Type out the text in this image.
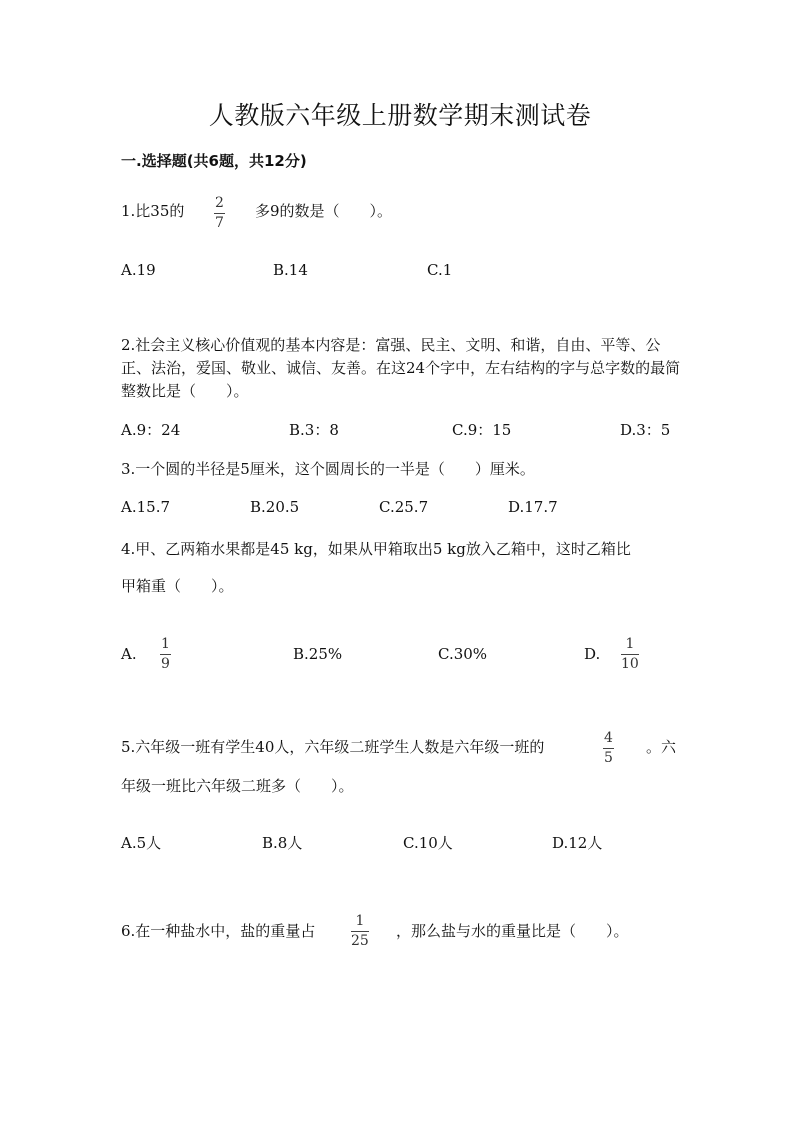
人教版六年级上册数学期末测试卷
一.选择题(共6题，共12分)
1.比35的 $\frac{2}{7}$ 多9的数是（　　）。
A.19	B.14	C.1
2.社会主义核心价值观的基本内容是：富强、民主、文明、和谐，自由、平等、公正、法治，爱国、敬业、诚信、友善。在这24个字中，左右结构的字与总字数的最简整数比是（　　）。
A.9：24	B.3：8	C.9：15	D.3：5
3.一个圆的半径是5厘米，这个圆周长的一半是（　　）厘米。
A.15.7	B.20.5	C.25.7	D.17.7
4.甲、乙两箱水果都是45 kg，如果从甲箱取出5 kg放入乙箱中，这时乙箱比
甲箱重（　　）。
A. $\frac{1}{9}$	B.25%	C.30%	D. $\frac{1}{10}$
5.六年级一班有学生40人，六年级二班学生人数是六年级一班的	$\frac{4}{5}$ 。六
年级一班比六年级二班多（　　）。
A.5人	B.8人	C.10人	D.12人
6.在一种盐水中，盐的重量占	$\frac{1}{25}$ ，那么盐与水的重量比是（　　）。
